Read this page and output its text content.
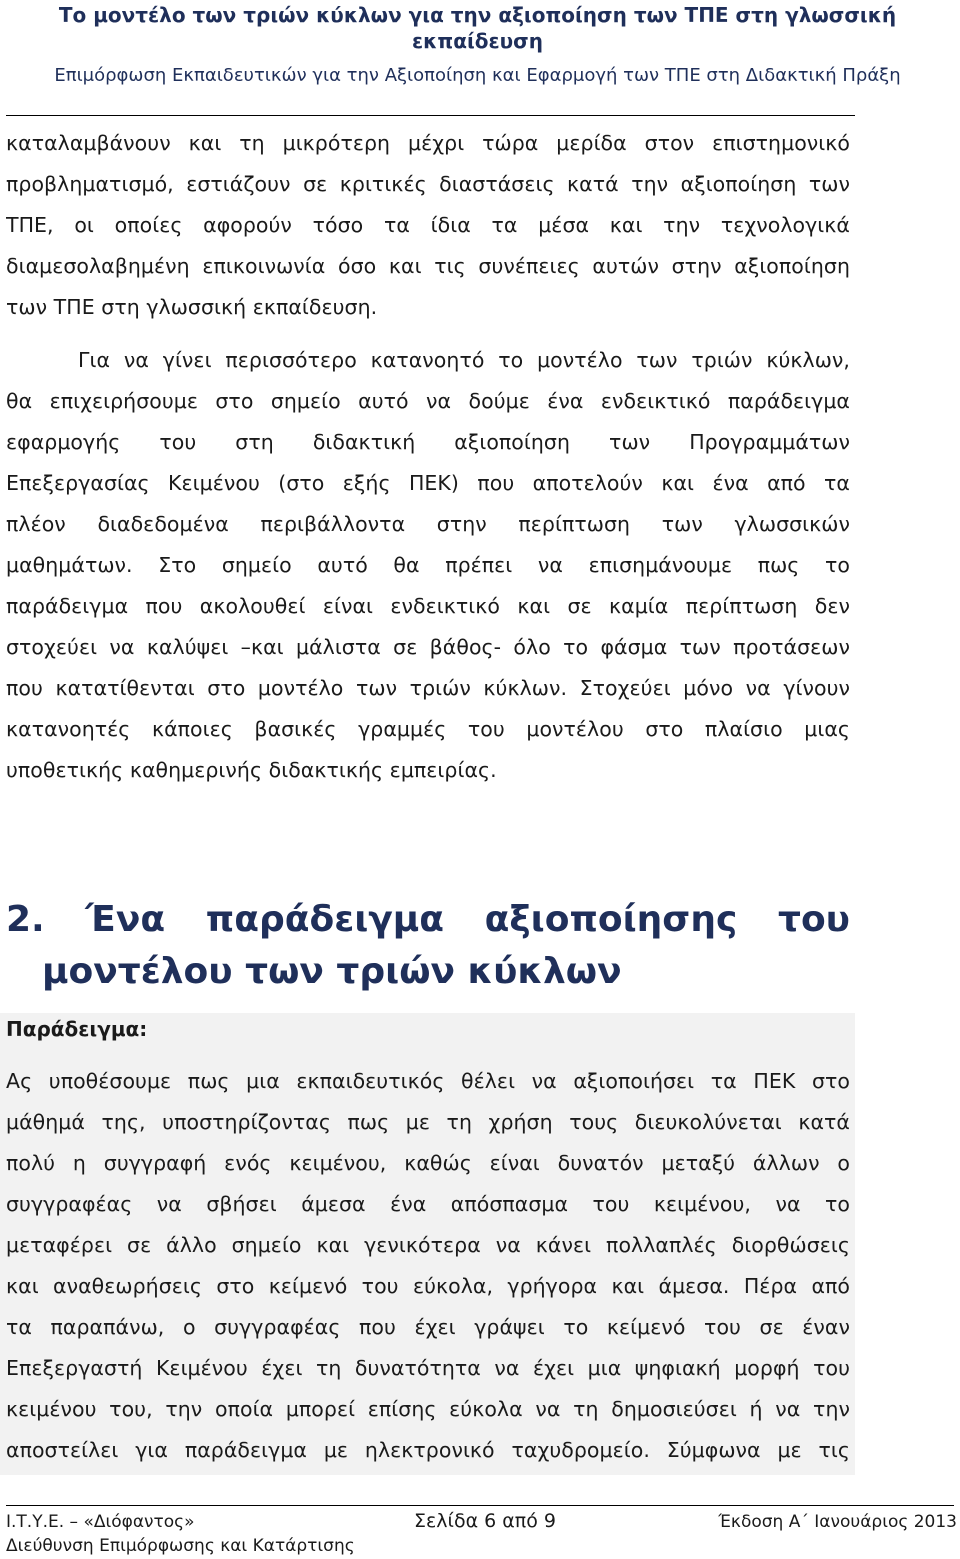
Το μοντέλο των τριών κύκλων για την αξιοποίηση των ΤΠΕ στη γλωσσική εκπαίδευση
Επιμόρφωση Εκπαιδευτικών για την Αξιοποίηση και Εφαρμογή των ΤΠΕ στη Διδακτική Πράξη
καταλαμβάνουν και τη μικρότερη μέχρι τώρα μερίδα στον επιστημονικό
προβληματισμό, εστιάζουν σε κριτικές διαστάσεις κατά την αξιοποίηση των
ΤΠΕ, οι οποίες αφορούν τόσο τα ίδια τα μέσα και την τεχνολογικά
διαμεσολαβημένη επικοινωνία όσο και τις συνέπειες αυτών στην αξιοποίηση
των ΤΠΕ στη γλωσσική εκπαίδευση.
Για να γίνει περισσότερο κατανοητό το μοντέλο των τριών κύκλων,
θα επιχειρήσουμε στο σημείο αυτό να δούμε ένα ενδεικτικό παράδειγμα
εφαρμογής του στη διδακτική αξιοποίηση των Προγραμμάτων
Επεξεργασίας Κειμένου (στο εξής ΠΕΚ) που αποτελούν και ένα από τα
πλέον διαδεδομένα περιβάλλοντα στην περίπτωση των γλωσσικών
μαθημάτων. Στο σημείο αυτό θα πρέπει να επισημάνουμε πως το
παράδειγμα που ακολουθεί είναι ενδεικτικό και σε καμία περίπτωση δεν
στοχεύει να καλύψει –και μάλιστα σε βάθος- όλο το φάσμα των προτάσεων
που κατατίθενται στο μοντέλο των τριών κύκλων. Στοχεύει μόνο να γίνουν
κατανοητές κάποιες βασικές γραμμές του μοντέλου στο πλαίσιο μιας
υποθετικής καθημερινής διδακτικής εμπειρίας.
2. Ένα παράδειγμα αξιοποίησης του
μοντέλου των τριών κύκλων
Παράδειγμα:
Ας υποθέσουμε πως μια εκπαιδευτικός θέλει να αξιοποιήσει τα ΠΕΚ στο
μάθημά της, υποστηρίζοντας πως με τη χρήση τους διευκολύνεται κατά
πολύ η συγγραφή ενός κειμένου, καθώς είναι δυνατόν μεταξύ άλλων ο
συγγραφέας να σβήσει άμεσα ένα απόσπασμα του κειμένου, να το
μεταφέρει σε άλλο σημείο και γενικότερα να κάνει πολλαπλές διορθώσεις
και αναθεωρήσεις στο κείμενό του εύκολα, γρήγορα και άμεσα. Πέρα από
τα παραπάνω, ο συγγραφέας που έχει γράψει το κείμενό του σε έναν
Επεξεργαστή Κειμένου έχει τη δυνατότητα να έχει μια ψηφιακή μορφή του
κειμένου του, την οποία μπορεί επίσης εύκολα να τη δημοσιεύσει ή να την
αποστείλει για παράδειγμα με ηλεκτρονικό ταχυδρομείο. Σύμφωνα με τις
Ι.Τ.Υ.Ε. – «Διόφαντος»	Σελίδα 6 από 9	Έκδοση Α΄ Ιανουάριος 2013
Διεύθυνση Επιμόρφωσης και Κατάρτισης
